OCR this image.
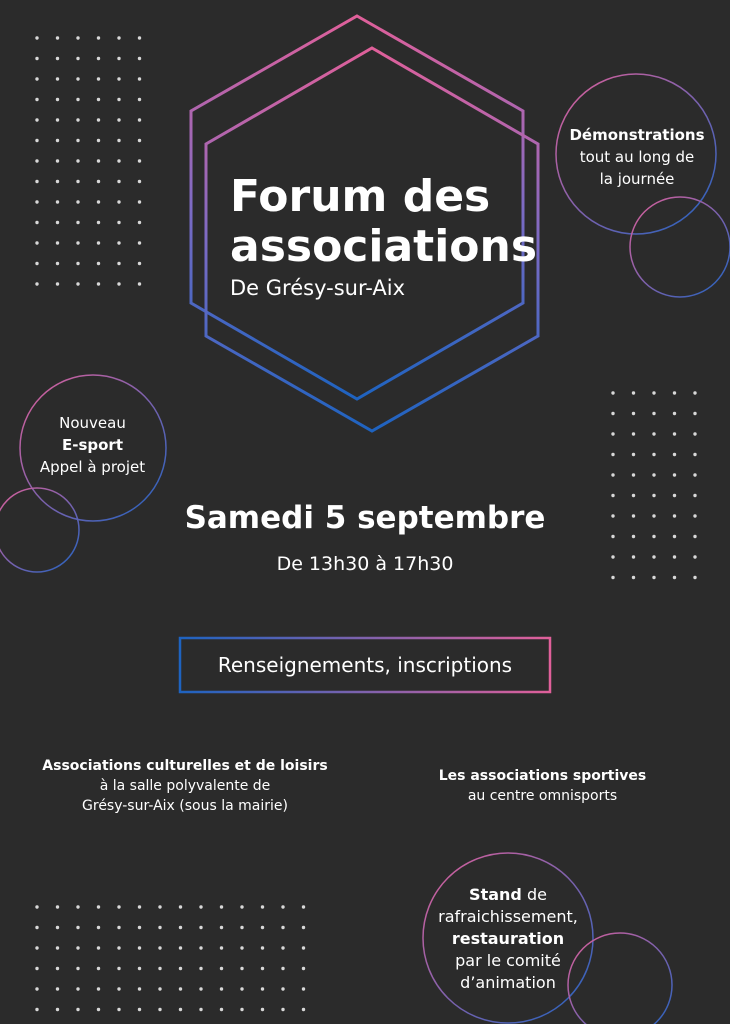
Forum des
associations
De Grésy-sur-Aix
Démonstrations
tout au long de
la journée
Nouveau
E-sport
Appel à projet
Samedi 5 septembre
De 13h30 à 17h30
Renseignements, inscriptions
Associations culturelles et de loisirs
à la salle polyvalente de
Grésy-sur-Aix (sous la mairie)
Les associations sportives
au centre omnisports
Stand de
rafraichissement,
restauration
par le comité
d’animation
